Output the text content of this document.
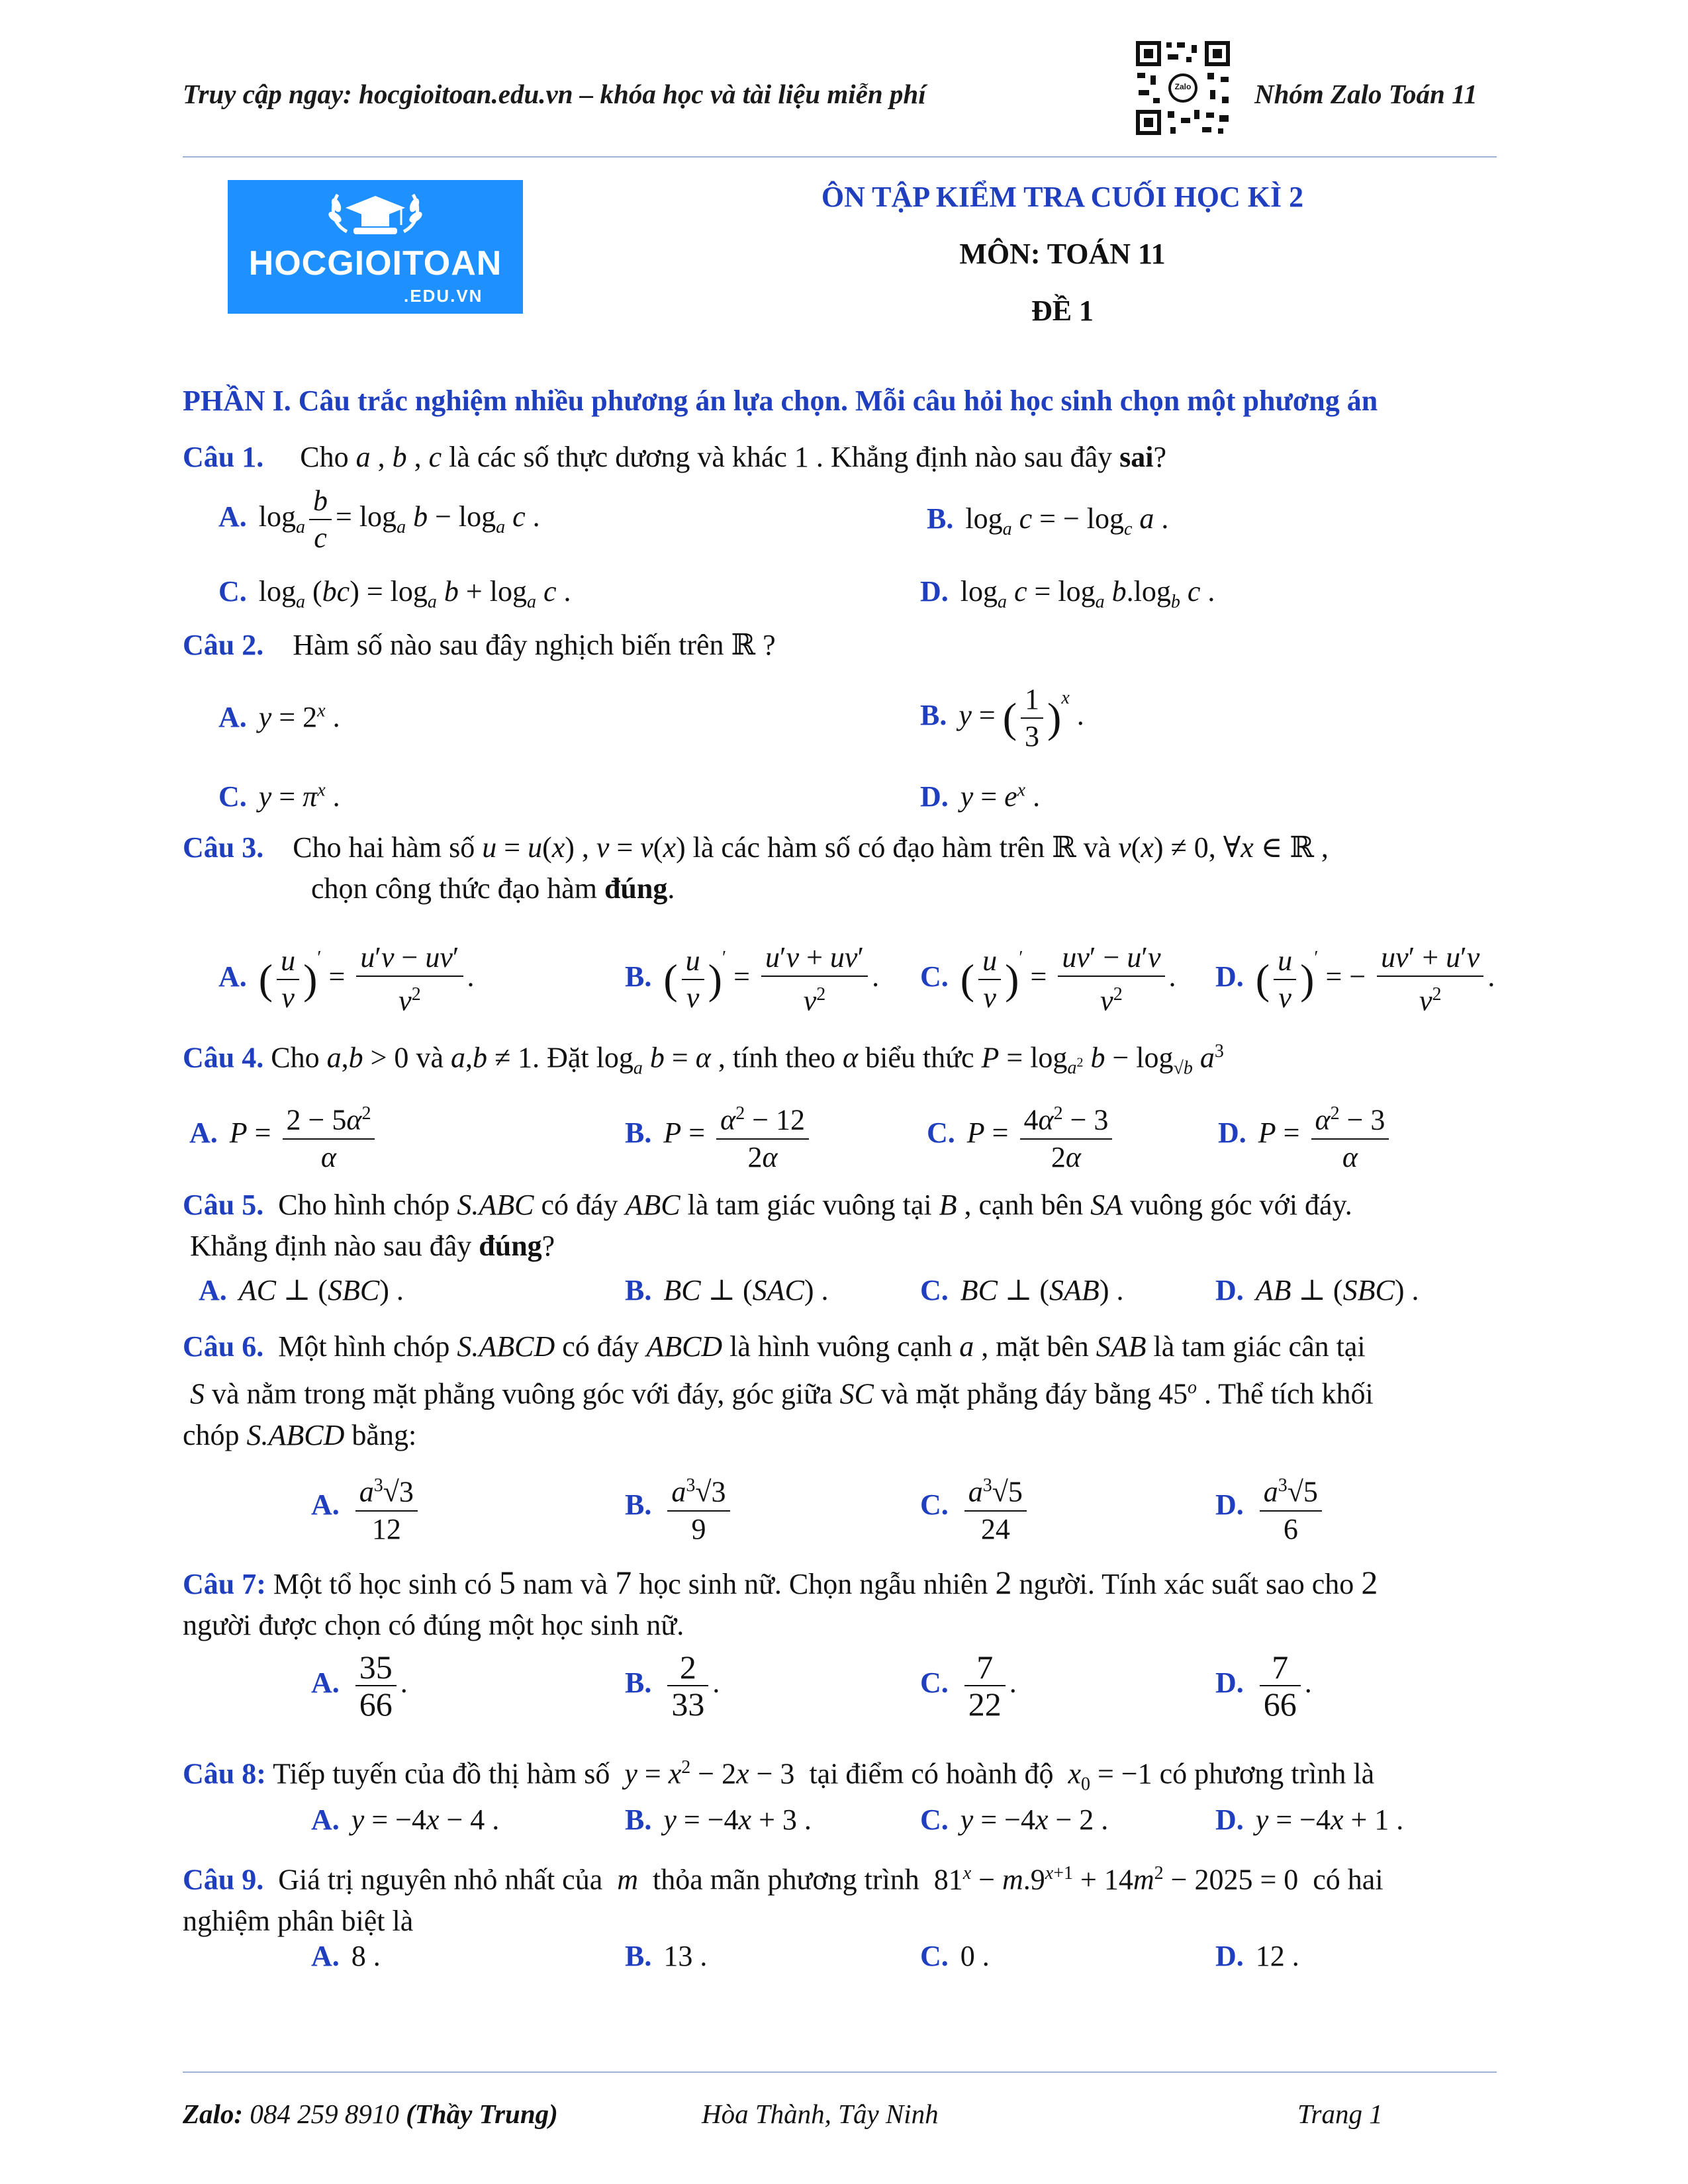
Truy cập ngay: hocgioitoan.edu.vn – khóa học và tài liệu miễn phí	Zalo Nhóm Zalo Toán 11
HOCGIOITOAN
.EDU.VN
ÔN TẬP KIỂM TRA CUỐI HỌC KÌ 2
MÔN: TOÁN 11
ĐỀ 1
PHẦN I. Câu trắc nghiệm nhiều phương án lựa chọn. Mỗi câu hỏi học sinh chọn một phương án
Câu 1. Cho a , b , c là các số thực dương và khác 1 . Khẳng định nào sau đây sai?
A. $\log_a \frac{b}{c} = \log_a b - \log_a c$ .	B. $\log_a c$ = − $\log_c a$ .
C. $\log_a (bc) = \log_a b + \log_a c$ .	D. $\log_a c = \log_a b.\log_b$ c .
Câu 2. Hàm số nào sau đây nghịch biến trên ℝ ?
A. $y = 2^x$ .	B. y = ( $\frac{1}{3} )^x$ .
C. $y = \pi^x$ .	D. $y = e^x$ .
Câu 3. Cho hai hàm số u = u(x) , v = v(x) là các hàm số có đạo hàm trên ℝ và v(x) ≠ 0, ∀x ∈ ℝ ,
chọn công thức đạo hàm đúng.
A. ( $\frac{u}{v} )' = \frac{u'v - uv'}{v^2}$ .	B. ( $\frac{u}{v} )' = \frac{u'v + uv'}{v^2}$ . C. ( $\frac{u}{v} )' = \frac{uv' - u'v}{v^2}$ . D. ( $\frac{u}{v} )'$ = − $\frac{uv' + u'v}{v^2}$ .
Câu 4. Cho a,b > 0 và a,b ≠ 1. Đặt $\log_a b = \alpha$ , tính theo α biểu thức $P = \log_{a^2} b - \log_{√b} a^3$
A. $P = \frac{2 - 5\alpha^2}{\alpha}$	B. $P = \frac{\alpha^2 - 12}{2\alpha}$	C. $P = \frac{4\alpha^2 - 3}{2\alpha}$	D. $P = \frac{\alpha^2 - 3}{\alpha}$
Câu 5. Cho hình chóp S.ABC có đáy ABC là tam giác vuông tại B , cạnh bên SA vuông góc với đáy.
Khẳng định nào sau đây đúng?
A. AC ⊥ (SBC) .	B. BC ⊥ (SAC) .	C. BC ⊥ (SAB) .	D. AB ⊥ (SBC) .
Câu 6. Một hình chóp S.ABCD có đáy ABCD là hình vuông cạnh a , mặt bên SAB là tam giác cân tại
S và nằm trong mặt phẳng vuông góc với đáy, góc giữa SC và mặt phẳng đáy bằng 45$^o$ . Thể tích khối
chóp S.ABCD bằng:
A. $\frac{a^3√3}{12}$	B. $\frac{a^3√3}{9}$	C. $\frac{a^3√5}{24}$	D. $\frac{a^3√5}{6}$
Câu 7: Một tổ học sinh có 5 nam và 7 học sinh nữ. Chọn ngẫu nhiên 2 người. Tính xác suất sao cho 2
người được chọn có đúng một học sinh nữ.
A. $\frac{35}{66}$ .	B. $\frac{2}{33}$ .	C. $\frac{7}{22}$ .	D. $\frac{7}{66}$ .
Câu 8: Tiếp tuyến của đồ thị hàm số $y = x^2 - 2x - 3$  tại điểm có hoành độ $x_0 = -1$ có phương trình là
A. y = −4x − 4 .	B. y = −4x + 3 .	C. y = −4x − 2 .	D. y = −4x + 1 .
Câu 9. Giá trị nguyên nhỏ nhất của m thỏa mãn phương trình  $81^x - m.9^{x+1} + 14m^2 - 2025 = 0$  có hai
nghiệm phân biệt là
A. 8 .	B. 13 .	C. 0 .	D. 12 .
Zalo: 084 259 8910 (Thầy Trung)	Hòa Thành, Tây Ninh	Trang 1
